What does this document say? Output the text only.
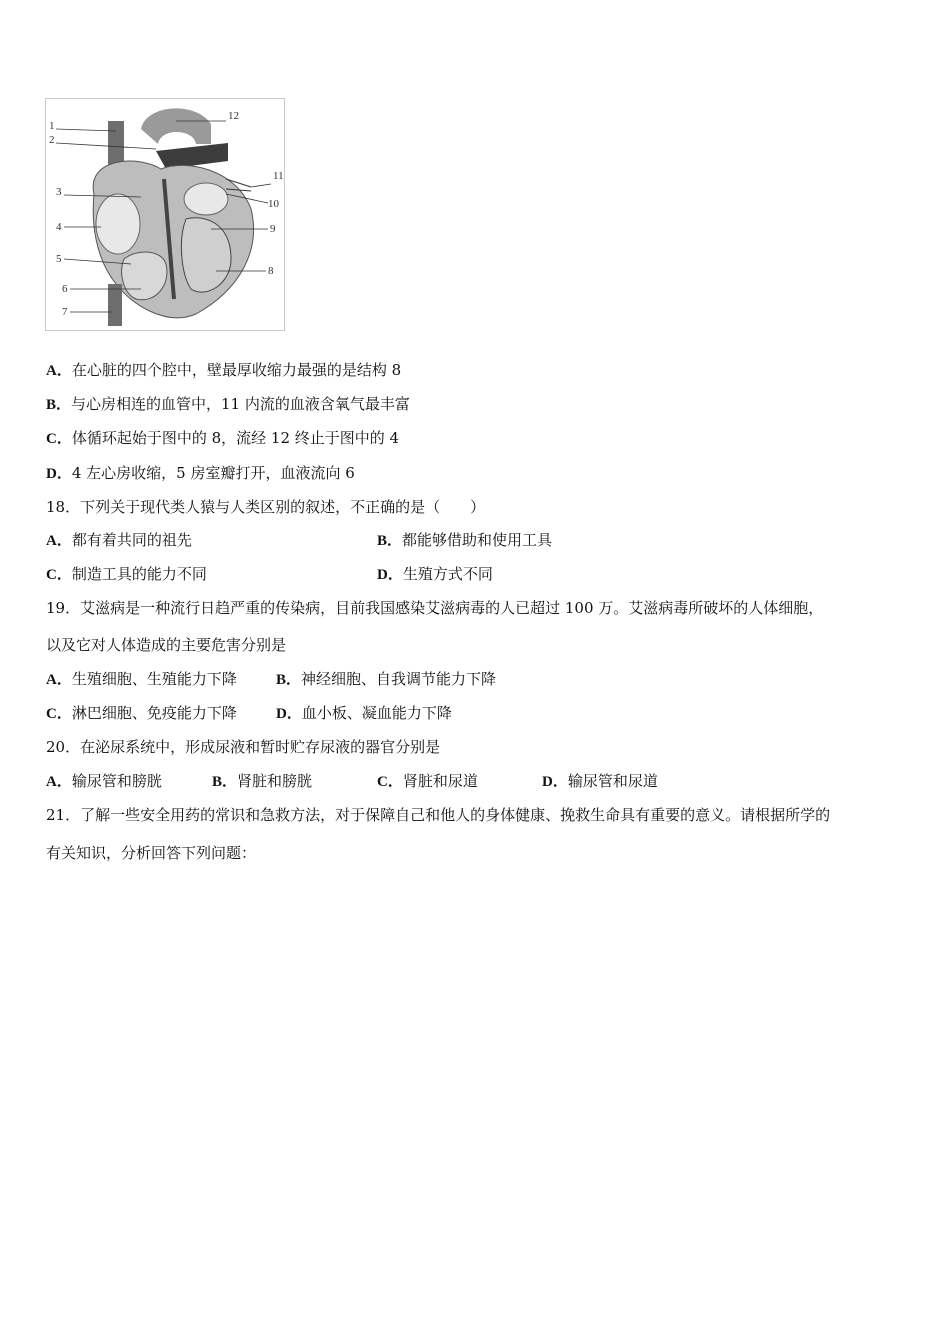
1
2
3
4
5
6
7
8
9
10
11
12
A．在心脏的四个腔中，壁最厚收缩力最强的是结构 8
B．与心房相连的血管中，11 内流的血液含氧气最丰富
C．体循环起始于图中的 8，流经 12 终止于图中的 4
D．4 左心房收缩，5 房室瓣打开，血液流向 6
18．下列关于现代类人猿与人类区别的叙述，不正确的是（　　）
A．都有着共同的祖先	B．都能够借助和使用工具
C．制造工具的能力不同	D．生殖方式不同
19．艾滋病是一种流行日趋严重的传染病，目前我国感染艾滋病毒的人已超过 100 万。艾滋病毒所破坏的人体细胞，
以及它对人体造成的主要危害分别是
A．生殖细胞、生殖能力下降	B．神经细胞、自我调节能力下降
C．淋巴细胞、免疫能力下降	D．血小板、凝血能力下降
20．在泌尿系统中，形成尿液和暂时贮存尿液的器官分别是
A．输尿管和膀胱	B．肾脏和膀胱	C．肾脏和尿道	D．输尿管和尿道
21．了解一些安全用药的常识和急救方法，对于保障自己和他人的身体健康、挽救生命具有重要的意义。请根据所学的
有关知识，分析回答下列问题：
